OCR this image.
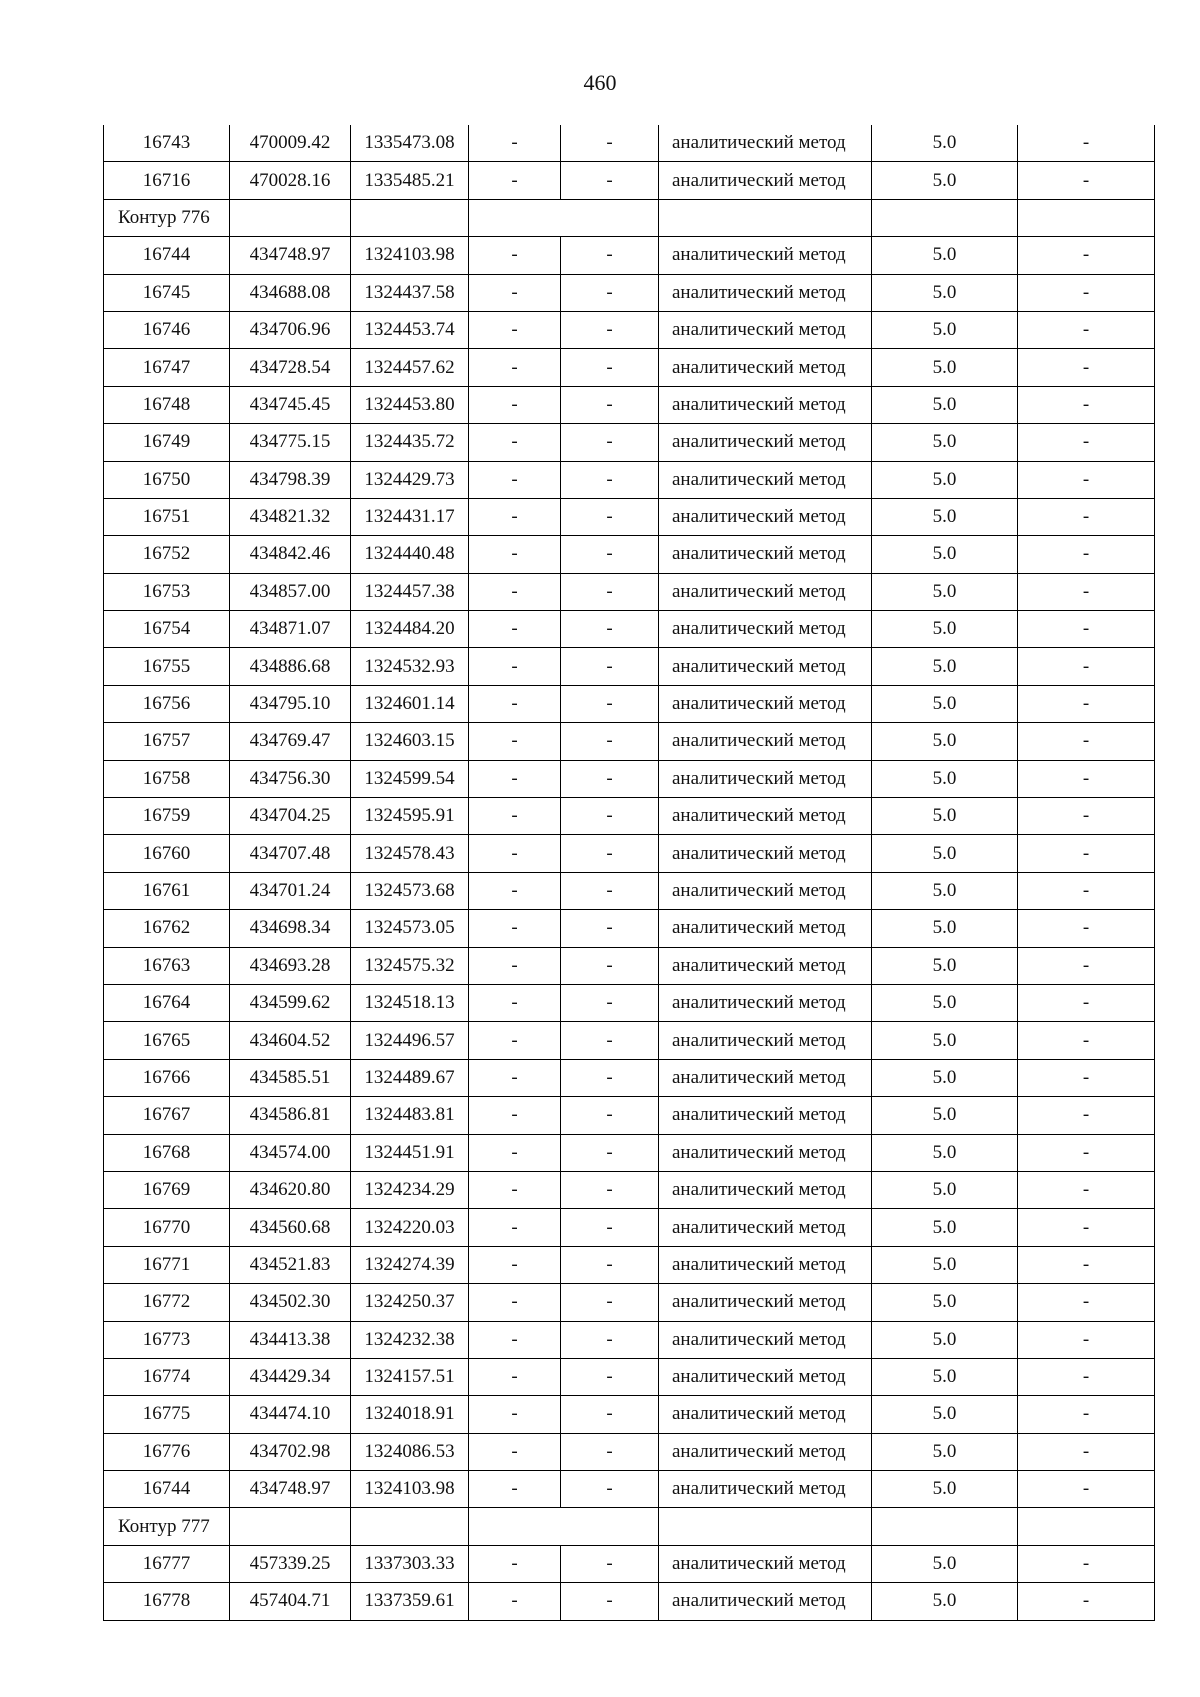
460
16743	470009.42	1335473.08	-	-	аналитический метод	5.0	-
16716	470028.16	1335485.21	-	-	аналитический метод	5.0	-
Контур 776							
16744	434748.97	1324103.98	-	-	аналитический метод	5.0	-
16745	434688.08	1324437.58	-	-	аналитический метод	5.0	-
16746	434706.96	1324453.74	-	-	аналитический метод	5.0	-
16747	434728.54	1324457.62	-	-	аналитический метод	5.0	-
16748	434745.45	1324453.80	-	-	аналитический метод	5.0	-
16749	434775.15	1324435.72	-	-	аналитический метод	5.0	-
16750	434798.39	1324429.73	-	-	аналитический метод	5.0	-
16751	434821.32	1324431.17	-	-	аналитический метод	5.0	-
16752	434842.46	1324440.48	-	-	аналитический метод	5.0	-
16753	434857.00	1324457.38	-	-	аналитический метод	5.0	-
16754	434871.07	1324484.20	-	-	аналитический метод	5.0	-
16755	434886.68	1324532.93	-	-	аналитический метод	5.0	-
16756	434795.10	1324601.14	-	-	аналитический метод	5.0	-
16757	434769.47	1324603.15	-	-	аналитический метод	5.0	-
16758	434756.30	1324599.54	-	-	аналитический метод	5.0	-
16759	434704.25	1324595.91	-	-	аналитический метод	5.0	-
16760	434707.48	1324578.43	-	-	аналитический метод	5.0	-
16761	434701.24	1324573.68	-	-	аналитический метод	5.0	-
16762	434698.34	1324573.05	-	-	аналитический метод	5.0	-
16763	434693.28	1324575.32	-	-	аналитический метод	5.0	-
16764	434599.62	1324518.13	-	-	аналитический метод	5.0	-
16765	434604.52	1324496.57	-	-	аналитический метод	5.0	-
16766	434585.51	1324489.67	-	-	аналитический метод	5.0	-
16767	434586.81	1324483.81	-	-	аналитический метод	5.0	-
16768	434574.00	1324451.91	-	-	аналитический метод	5.0	-
16769	434620.80	1324234.29	-	-	аналитический метод	5.0	-
16770	434560.68	1324220.03	-	-	аналитический метод	5.0	-
16771	434521.83	1324274.39	-	-	аналитический метод	5.0	-
16772	434502.30	1324250.37	-	-	аналитический метод	5.0	-
16773	434413.38	1324232.38	-	-	аналитический метод	5.0	-
16774	434429.34	1324157.51	-	-	аналитический метод	5.0	-
16775	434474.10	1324018.91	-	-	аналитический метод	5.0	-
16776	434702.98	1324086.53	-	-	аналитический метод	5.0	-
16744	434748.97	1324103.98	-	-	аналитический метод	5.0	-
Контур 777							
16777	457339.25	1337303.33	-	-	аналитический метод	5.0	-
16778	457404.71	1337359.61	-	-	аналитический метод	5.0	-
